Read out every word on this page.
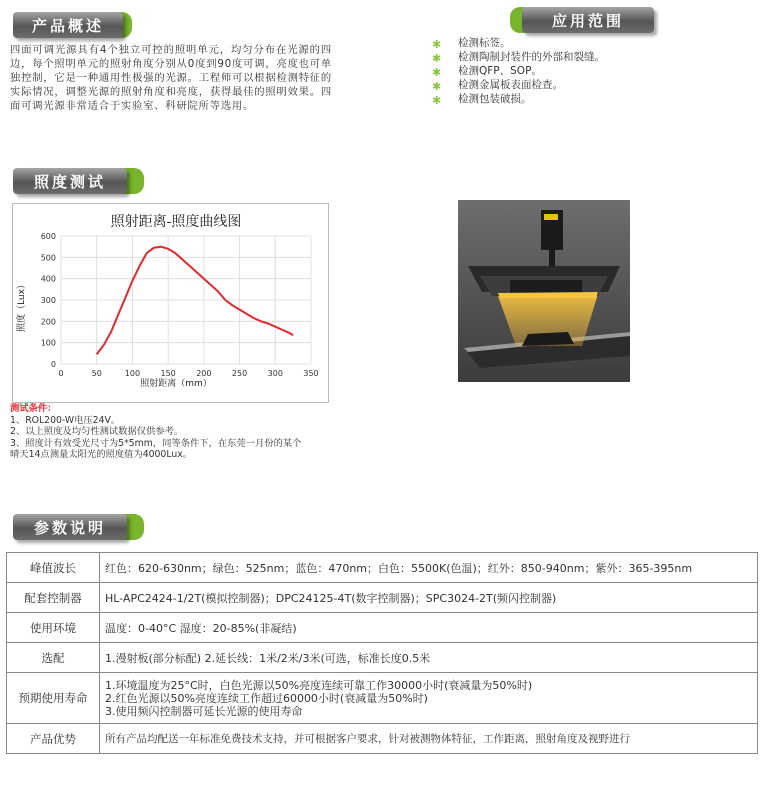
产品概述
四面可调光源具有4个独立可控的照明单元，均匀分布在光源的四边，每个照明单元的照射角度分别从0度到90度可调，亮度也可单独控制，它是一种通用性极强的光源。工程师可以根据检测特征的实际情况，调整光源的照射角度和亮度，获得最佳的照明效果。四面可调光源非常适合于实验室、科研院所等选用。
应用范围
✱ 检测标签。
✱ 检测陶制封装件的外部和裂缝。
✱ 检测QFP、SOP。
✱ 检测金属板表面检查。
✱ 检测包装破损。
照度测试
照射距离-照度曲线图
照度（Lux）
照射距离（mm）
0
100
200
300
400
500
600
0	50	100	150	200	250	300	350
测试条件：
1、ROL200-W电压24V。
2、以上照度及均匀性测试数据仅供参考。
3、照度计有效受光尺寸为5*5mm，同等条件下，在东莞一月份的某个
晴天14点测量太阳光的照度值为4000Lux。
参数说明
峰值波长	红色：620-630nm；绿色：525nm；蓝色：470nm；白色：5500K(色温)；红外：850-940nm；紫外：365-395nm
配套控制器	HL-APC2424-1/2T(模拟控制器)；DPC24125-4T(数字控制器)；SPC3024-2T(频闪控制器)
使用环境	温度：0-40°C 湿度：20-85%(非凝结)
选配	1.漫射板(部分标配) 2.延长线：1米/2米/3米(可选，标准长度0.5米
预期使用寿命	1.环境温度为25°C时，白色光源以50%亮度连续可靠工作30000小时(衰减量为50%时)
2.红色光源以50%亮度连续工作超过60000小时(衰减量为50%时)
3.使用频闪控制器可延长光源的使用寿命

产品优势	所有产品均配送一年标准免费技术支持，并可根据客户要求，针对被测物体特征，工作距离，照射角度及视野进行
